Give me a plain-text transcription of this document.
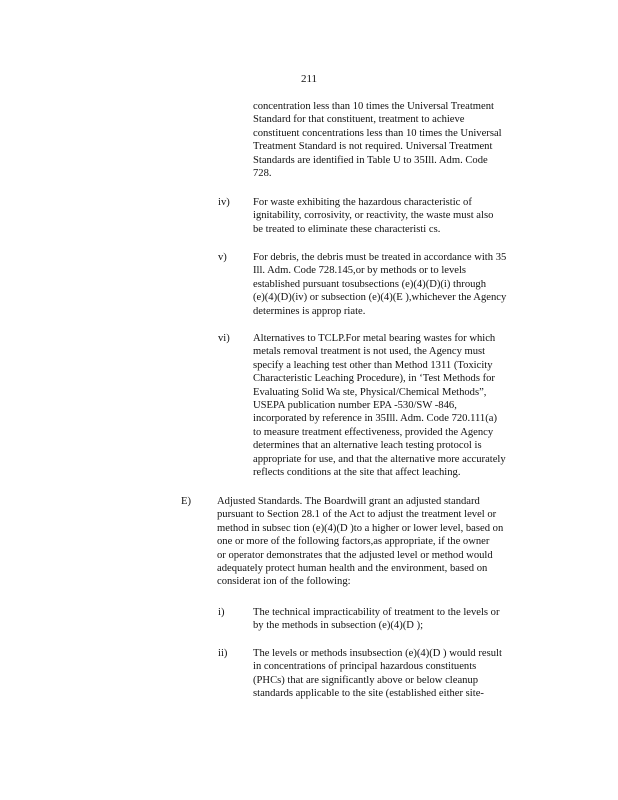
211
concentration less than 10 times the Universal Treatment
Standard for that constituent, treatment to achieve
constituent concentrations less than 10 times the Universal
Treatment Standard is not required. Universal Treatment
Standards are identified in Table U to 35Ill. Adm. Code
728.
iv) For waste exhibiting the hazardous characteristic of
ignitability, corrosivity, or reactivity, the waste must also
be treated to eliminate these characteristi cs.
v) For debris, the debris must be treated in accordance with 35
Ill. Adm. Code 728.145,or by methods or to levels
established pursuant tosubsections (e)(4)(D)(i) through
(e)(4)(D)(iv) or subsection (e)(4)(E ),whichever the Agency
determines is approp riate.
vi) Alternatives to TCLP.For metal bearing wastes for which
metals removal treatment is not used, the Agency must
specify a leaching test other than Method 1311 (Toxicity
Characteristic Leaching Procedure), in ‘Test Methods for
Evaluating Solid Wa ste, Physical/Chemical Methods”,
USEPA publication number EPA -530/SW -846,
incorporated by reference in 35Ill. Adm. Code 720.111(a)
to measure treatment effectiveness, provided the Agency
determines that an alternative leach testing protocol is
appropriate for use, and that the alternative more accurately
reflects conditions at the site that affect leaching.
E) Adjusted Standards. The Boardwill grant an adjusted standard
pursuant to Section 28.1 of the Act to adjust the treatment level or
method in subsec tion (e)(4)(D )to a higher or lower level, based on
one or more of the following factors,as appropriate, if the owner
or operator demonstrates that the adjusted level or method would
adequately protect human health and the environment, based on
considerat ion of the following:
i)	The technical impracticability of treatment to the levels or
by the methods in subsection (e)(4)(D );
ii) The levels or methods insubsection (e)(4)(D ) would result
in concentrations of principal hazardous constituents
(PHCs) that are significantly above or below cleanup
standards applicable to the site (established either site-
